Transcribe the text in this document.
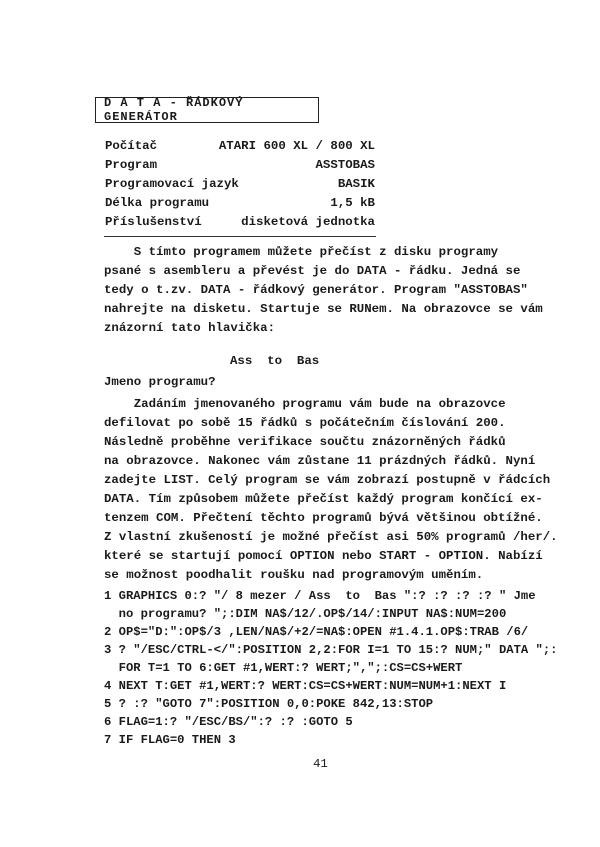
D A T A - ŘÁDKOVÝ GENERÁTOR
Počítač	ATARI 600 XL / 800 XL
Program	ASSTOBAS
Programovací jazyk	BASIK
Délka programu	1,5 kB
Příslušenství	disketová jednotka
S tímto programem můžete přečíst z disku programy
psané s asembleru a převést je do DATA - řádku. Jedná se
tedy o t.zv. DATA - řádkový generátor. Program "ASSTOBAS"
nahrejte na disketu. Startuje se RUNem. Na obrazovce se vám
znázorní tato hlavička:
Ass  to  Bas
Jmeno programu?
Zadáním jmenovaného programu vám bude na obrazovce
defilovat po sobě 15 řádků s počátečním číslování 200.
Následně proběhne verifikace součtu znázorněných řádků
na obrazovce. Nakonec vám zůstane 11 prázdných řádků. Nyní
zadejte LIST. Celý program se vám zobrazí postupně v řádcích
DATA. Tím způsobem můžete přečíst každý program končící ex-
tenzem COM. Přečtení těchto programů bývá většinou obtížné.
Z vlastní zkušeností je možné přečíst asi 50% programů /her/.
které se startují pomocí OPTION nebo START - OPTION. Nabízí
se možnost poodhalit roušku nad programovým uměním.
1 GRAPHICS 0:? "/ 8 mezer / Ass  to  Bas ":? :? :? :? " Jme
no programu? ";:DIM NA$/12/.OP$/14/:INPUT NA$:NUM=200
2 OP$="D:":OP$/3 ,LEN/NA$/+2/=NA$:OPEN #1.4.1.OP$:TRAB /6/
3 ? "/ESC/CTRL-</":POSITION 2,2:FOR I=1 TO 15:? NUM;" DATA ";:
FOR T=1 TO 6:GET #1,WERT:? WERT;",";:CS=CS+WERT
4 NEXT T:GET #1,WERT:? WERT:CS=CS+WERT:NUM=NUM+1:NEXT I
5 ? :? "GOTO 7":POSITION 0,0:POKE 842,13:STOP
6 FLAG=1:? "/ESC/BS/":? :? :GOTO 5
7 IF FLAG=0 THEN 3
41
